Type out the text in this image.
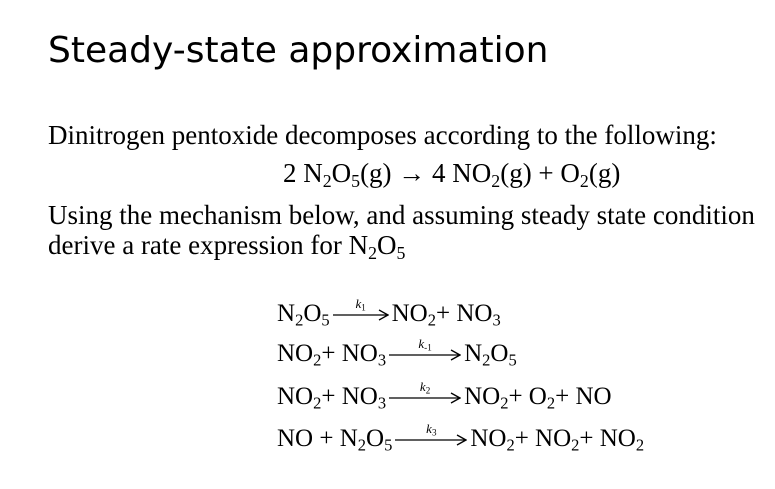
Steady-state approximation
Dinitrogen pentoxide decomposes according to the following:
2 $N_2O_5(g) \to 4$ $NO_2(g) + O_2(g)$
Using the mechanism below, and assuming steady state condition
derive a rate expression for $N_2O_5$
$N_2O_5$
$k_1$	$NO_2+ NO_3$
$NO_2+ NO_3$
$k_{-1}$	$N_2O_5$
$NO_2+ NO_3$
$k_2$	$NO_2+ O_2+$ NO
NO + $N_2O_5$
$k_3$	$NO_2+ NO_2+ NO_2$
